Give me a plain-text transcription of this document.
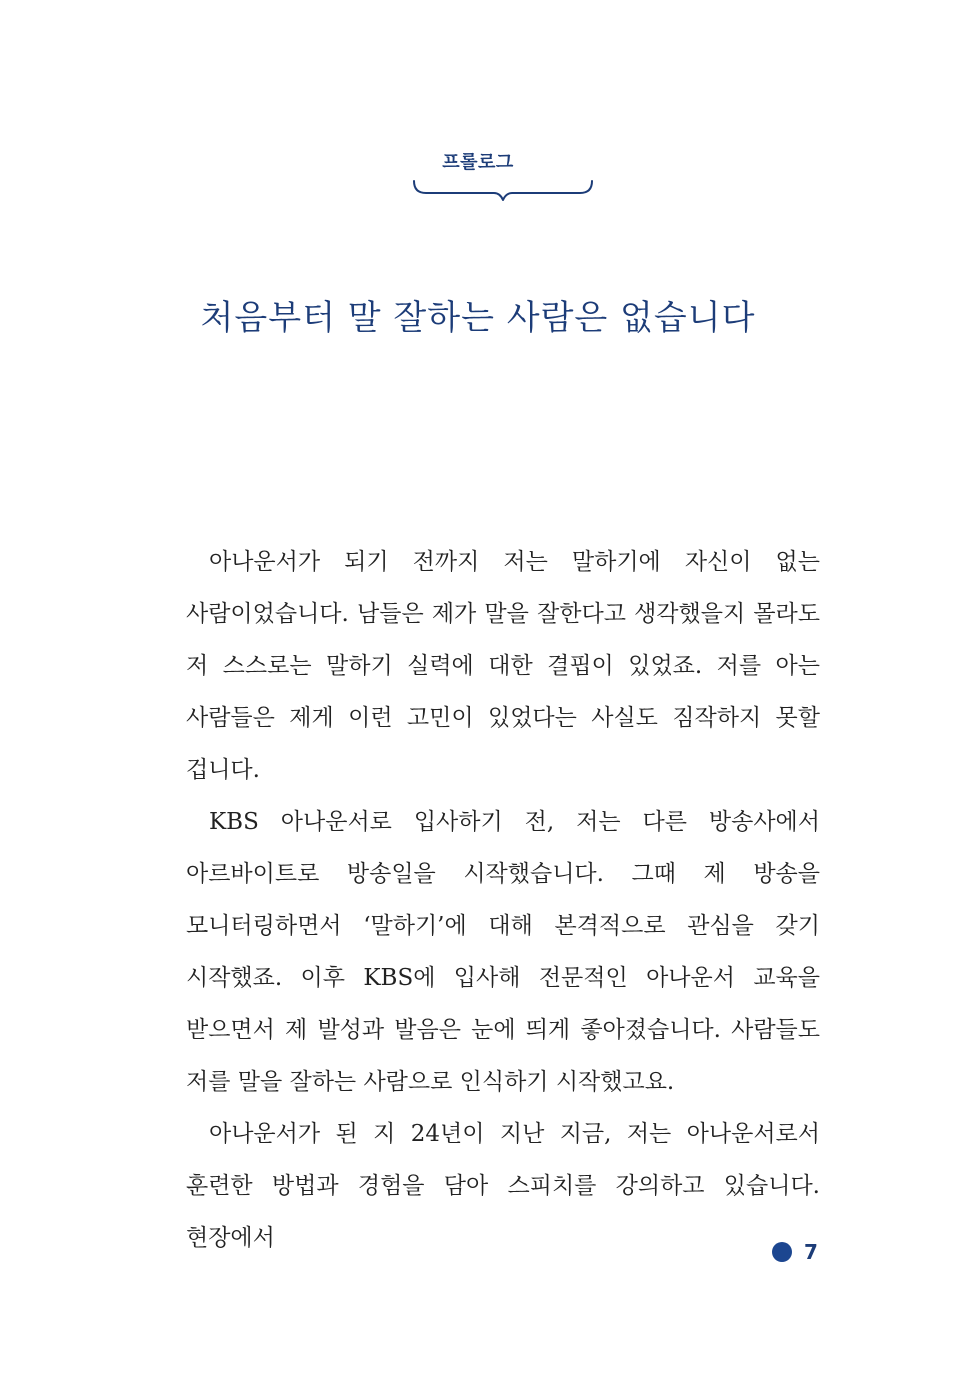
프롤로그
처음부터 말 잘하는 사람은 없습니다

아나운서가 되기 전까지 저는 말하기에 자신이 없는 사람이었습니다. 남들은 제가 말을 잘한다고 생각했을지 몰라도 저 스스로는 말하기 실력에 대한 결핍이 있었죠. 저를 아는 사람들은 제게 이런 고민이 있었다는 사실도 짐작하지 못할 겁니다.

KBS 아나운서로 입사하기 전, 저는 다른 방송사에서 아르바이트로 방송일을 시작했습니다. 그때 제 방송을 모니터링하면서 ‘말하기’에 대해 본격적으로 관심을 갖기 시작했죠. 이후 KBS에 입사해 전문적인 아나운서 교육을 받으면서 제 발성과 발음은 눈에 띄게 좋아졌습니다. 사람들도 저를 말을 잘하는 사람으로 인식하기 시작했고요.

아나운서가 된 지 24년이 지난 지금, 저는 아나운서로서 훈련한 방법과 경험을 담아 스피치를 강의하고 있습니다. 현장에서

7
